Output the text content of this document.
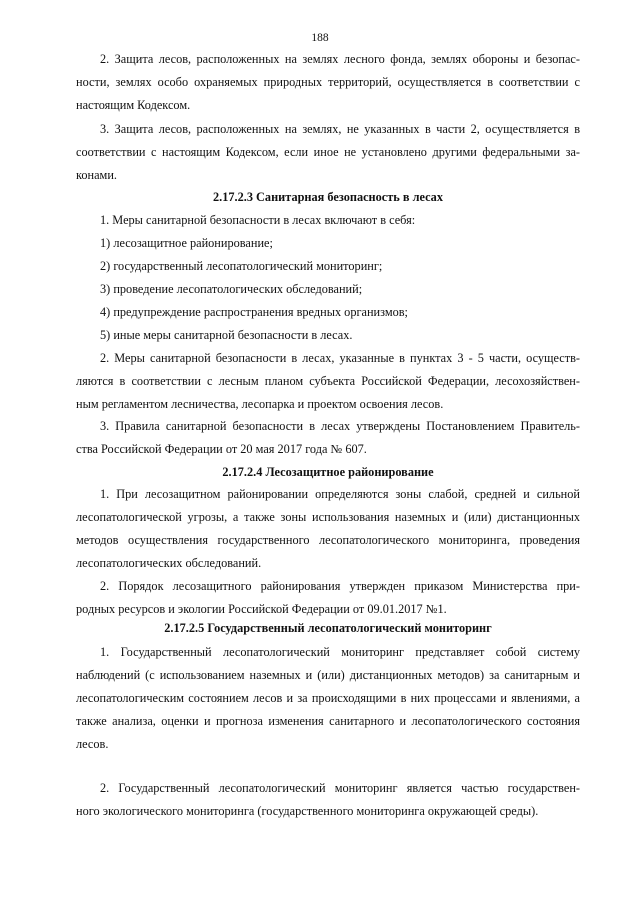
188
2. Защита лесов, расположенных на землях лесного фонда, землях обороны и безопас-
ности, землях особо охраняемых природных территорий, осуществляется в соответствии с
настоящим Кодексом.
3. Защита лесов, расположенных на землях, не указанных в части 2, осуществляется в
соответствии с настоящим Кодексом, если иное не установлено другими федеральными за-
конами.
2.17.2.3 Санитарная безопасность в лесах
1. Меры санитарной безопасности в лесах включают в себя:
1) лесозащитное районирование;
2) государственный лесопатологический мониторинг;
3) проведение лесопатологических обследований;
4) предупреждение распространения вредных организмов;
5) иные меры санитарной безопасности в лесах.
2. Меры санитарной безопасности в лесах, указанные в пунктах 3 - 5 части, осуществ-
ляются в соответствии с лесным планом субъекта Российской Федерации, лесохозяйствен-
ным регламентом лесничества, лесопарка и проектом освоения лесов.
3. Правила санитарной безопасности в лесах утверждены Постановлением Правитель-
ства Российской Федерации от 20 мая 2017 года № 607.
2.17.2.4 Лесозащитное районирование
1. При лесозащитном районировании определяются зоны слабой, средней и сильной
лесопатологической угрозы, а также зоны использования наземных и (или) дистанционных
методов осуществления государственного лесопатологического мониторинга, проведения
лесопатологических обследований.
2. Порядок лесозащитного районирования утвержден приказом Министерства при-
родных ресурсов и экологии Российской Федерации от 09.01.2017 №1.
2.17.2.5 Государственный лесопатологический мониторинг
1. Государственный лесопатологический мониторинг представляет собой систему
наблюдений (с использованием наземных и (или) дистанционных методов) за санитарным и
лесопатологическим состоянием лесов и за происходящими в них процессами и явлениями, а
также анализа, оценки и прогноза изменения санитарного и лесопатологического состояния
лесов.
2. Государственный лесопатологический мониторинг является частью государствен-
ного экологического мониторинга (государственного мониторинга окружающей среды).
